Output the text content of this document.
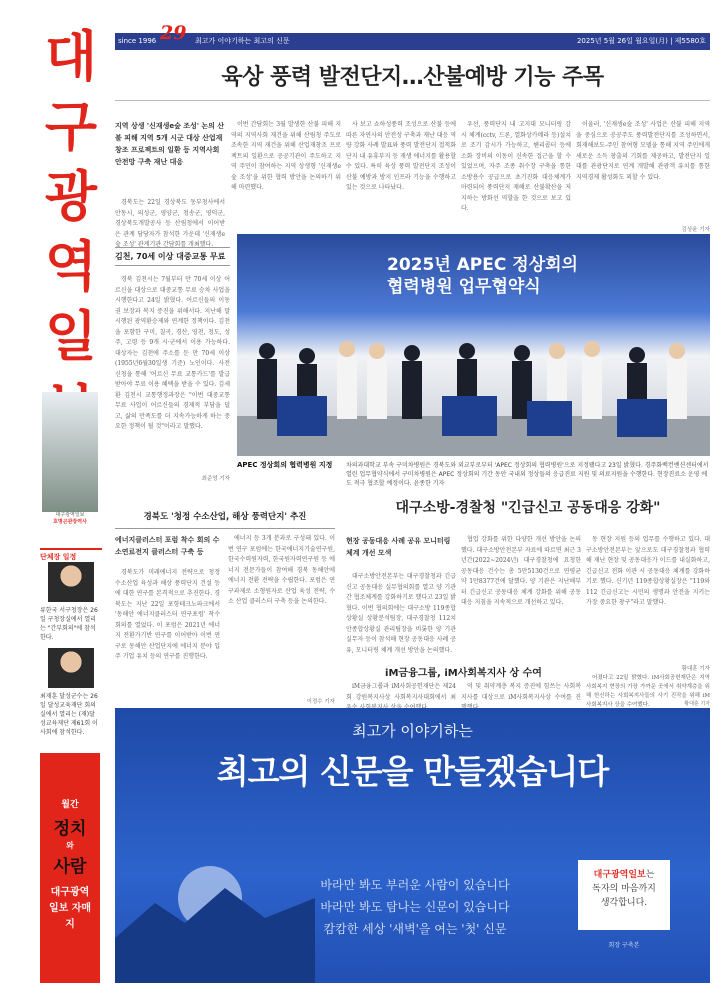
대
구
광
역
일
since 1996 29 최고가 이야기하는 최고의 신문	2025년 5월 26일 월요일(月) | 제5580호
육상 풍력 발전단지…산불예방 기능 주목
지역 상생 '신재생e숲 조성' 논의 산불 피해 지역 5개 시군 대상 산업재창조 프로젝트의 일환 등 지역사회 안전망 구축 재난 대응

경북도는 22일 경상북도 동부청사에서 안동시, 의성군, 영양군, 청송군, 영덕군, 경상북도개발공사 등 산림청에서 이어받은 관계 담당자가 참석한 가운데 '신재생e숲 조성' 관계기관 간담회를 개최했다.

이번 간담회는 3월 발생한 산불 피해 지역의 지역사회 재건을 위해 산림청 주도로 조속한 지역 재건을 위해 산업재창조 프로젝트의 일환으로 공공기관이 주도하고 지역 주민이 참여하는 지역 상생형 '신재생e숲 조성'을 위한 협력 방안을 논의하기 위해 마련했다.

사 보고 쇼하성풍력 조성으로 산불 등에 따른 자연사의 안전성 구축과 재난 대응 역량 강화 사례 발표와 풍력 발전단지 접적화 단지 내 유휴부지 등 재생 에너지를 활용할 수 있다. 특히 육상 풍력 발전단지 조성이 산불 예방과 방지 인프라 기능을 수행하고 있는 것으로 나타났다.

우선, 풍력단지 내 고지대 모니터링 감시 체계(cctv, 드론, 열화상카메라 등)설치로 조기 감시가 가능하고, 헨리콥터 등에 소화 장비의 이동이 신속한 접근을 할 수 있었으며, 자주 조종 취수장 구축을 통한 소방용수 공급으로 초기진화 대응체계가 마련되어 풍력단지 재해로 산불확산을 저지하는 방화선 역할을 한 것으로 보고 있다.

이울러, '신재생e숲 조성' 사업은 산불 피해 지역을 중심으로 공공주도 풍력발전단지를 조성하면서, 회재해보도-주민 참여형 모델을 통해 지역 주민에게 새로운 소득 창출의 기회를 제공하고, 발전단지 일대를 관광단지로 연계 개발해 관광객 유치를 통한 지역경제 활성화도 꾀할 수 있다.

김상윤 기자
김천, 70세 이상 대중교통 무료

경북 김천시는 7월부터 만 70세 이상 어르신을 대상으로 대중교통 무료 승차 사업을 시행한다고 24일 밝혔다. 어르신들의 이동권 보장과 복지 증진을 위해서다. 지난해 말 시행된 광역환승제와 연계한 정책이다. 김천을 포함한 구미, 칠곡, 경산, 영천, 청도, 성주, 고령 등 9개 시·군에서 이용 가능하다. 대상자는 김천에 주소를 둔 만 70세 이상(1955년6월30일생 기준) 노인이다. 사전 신청을 통해 '어르신 무료 교통카드'를 발급받아야 무료 이용 혜택을 받을 수 있다. 김세환 김천시 교통행정과장은 "이번 대중교통 무료 사업이 어르신들의 경제적 부담을 덜고, 삶의 만족도를 더 지속가능하게 하는 중요한 정책이 될 것"이라고 말했다.

최준영 기자
2025년 APEC 정상회의
협력병원 업무협약식
APEC 정상회의 협력병원 지정	차의과대학교 부속 구미차병원은 경북도와 외교부로부터 'APEC 정상회의 협력병원'으로 지정됐다고 23일 밝혔다. 경주화백컨벤션센터에서 열린 업무협약식에서 구미차병원은 APEC 정상회의 기간 동안 국내외 정상들의 응급진료 지원 및 의료지원을 수행한다. 현장진료소 운영 에도 적극 협조할 예정이다. 윤종한 기자
대구광역일보
호명곤관장역사
단체장 일정
류한국 서구청장은 26일 구청장실에서 열리는 "간부회의"에 참석한다.
최재훈 달성군수는 26일 달성교육재단 회의실에서 열리는 (재)달성교육재단 제61회 이사회에 참석한다.
경북도 '청정 수소산업, 해상 풍력단지' 추진
에너지클러스터 포럼 착수 회의 수소연료전지 클러스터 구축 등

경북도가 미래에너지 전략으로 청정 수소산업 육성과 해상 풍력단지 건설 등에 대한 연구를 본격적으로 추진한다. 경북도는 지난 22일 포항테크노파크에서 '동해안 에너지클러스터 연구포럼' 착수회의를 열었다. 이 포럼은 2021년 에너지 전환가기반 연구를 이어받아 이번 연구로 동해안 산업단지에 에너지 분야 입주 기업 유치 등의 연구를 진행한다.

에너지 등 3개 분과로 구성돼 있다. 이번 연구 포럼에는 한국에너지기술연구원, 한국수력원자력, 한국원자력연구원 등 에너지 전문가들이 참여해 경북 동해안에 에너지 전환 전략을 수립한다. 포럼은 연구과제로 소형원자로 산업 육성 전략, 수소 산업 클러스터 구축 등을 논의한다.

이정수 기자
대구소방-경찰청 "긴급신고 공동대응 강화"
현장 공동대응 사례 공유 모니터링 체계 개선 모색

대구소방안전본부는 대구경찰청과 긴급신고 공동대응 실무협의회를 열고 양 기관 간 협조체계를 강화하기로 했다고 23일 밝혔다. 이번 협의회에는 대구소방 119종합상황실 상황분석팀장, 대구경찰청 112치안종합상황실 관리팀장을 비롯한 양 기관 실무자 등이 참석해 현장 공동대응 사례 공유, 모니터링 체계 개선 방안을 논의했다.

협업 강화를 위한 다양한 개선 방안을 논의했다. 대구소방안전본부 자료에 따르면 최근 3년간(2022~2024년) 대구경찰청에 요청한 공동대응 건수는 총 5만5130건으로 연평균 약 1만8377건에 달했다. 양 기관은 지난해부터 긴급신고 공동대응 체계 강화를 위해 공동대응 지침을 지속적으로 개선하고 있다.

동 현장 지원 등의 업무를 수행하고 있다. 대구소방안전본부는 앞으로도 대구경찰청과 협력해 재난 현장 및 공동대응가 이드를 내실화하고, 긴급신고 전화 이관 시 공동대응 체계를 강화하기로 했다. 신기년 119종합상황실장은 "119와 112 긴급신고는 시민의 생명과 안전을 지키는 가장 중요한 창구"라고 말했다.

황대훈 기자
iM금융그룹, iM사회복지사 상 수여

iM금융그룹과 iM사회공헌재단은 제24회 강원복지사상 사회복지사대회에서 최

억 및 취약계층 복지 증진에 힘쓰는 사회복지사를 대상으로 iM사회복지사상 수여를 진

어졌다고 22일 밝혔다. iM사회공헌재단은 지역 사회복지 현장의 가장 가까운 곳에서 취약계층을 위해 헌신하는 사회복지사들의 사기 진작을 위해 iM사회복지사 상을 수여했다.	황대훈 기자
월간
정치
와
사람
대구광역일보 자매지
최고가 이야기하는
최고의 신문을 만들겠습니다
바라만 봐도 부러운 사람이 있습니다
바라만 봐도 탐나는 신문이 있습니다
캄캄한 세상 '새벽'을 여는 '첫' 신문
대구광역일보는
독자의 마음까지
생각합니다.
회장 구축본
